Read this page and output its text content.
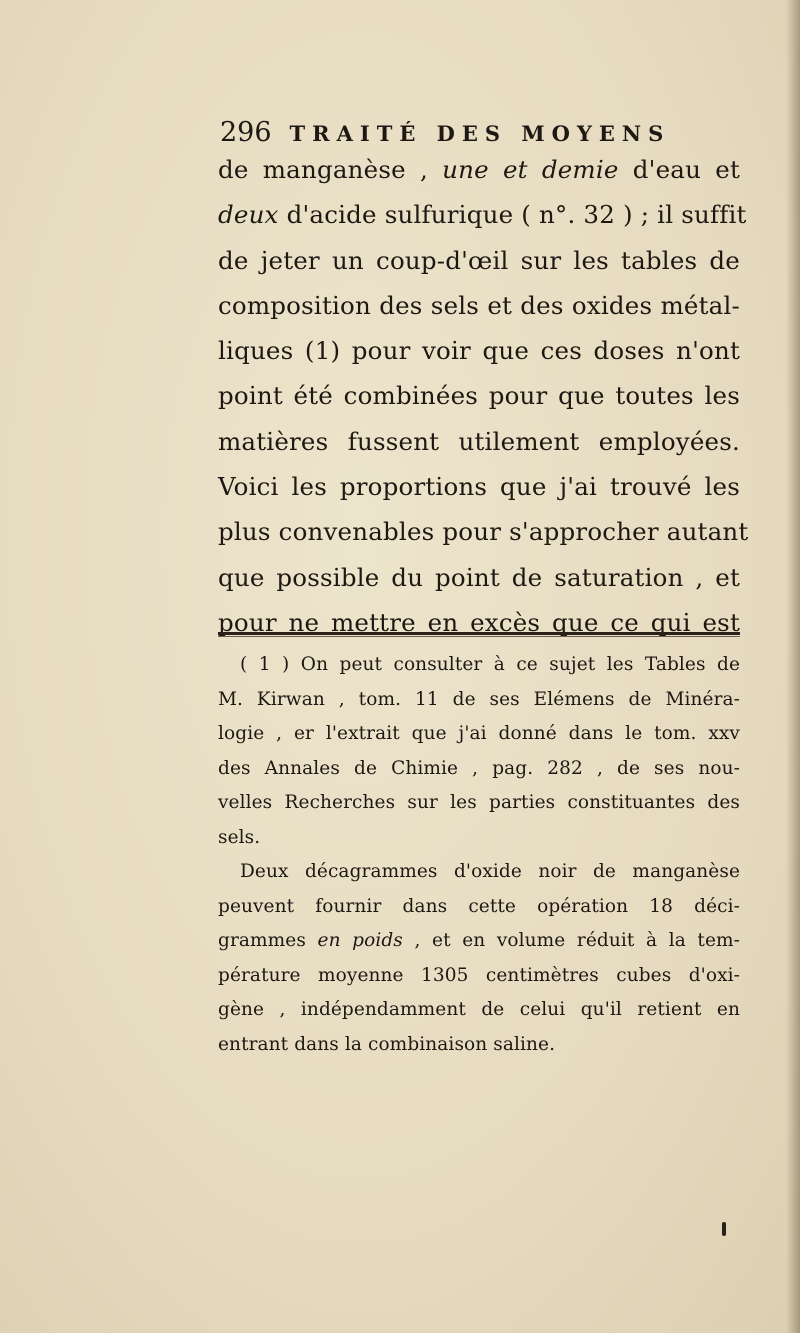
296 TRAITÉ DES MOYENS
de manganèse , une et demie d'eau et
deux d'acide sulfurique ( n°. 32 ) ; il suffit
de jeter un coup-d'œil sur les tables de
composition des sels et des oxides métal-
liques (1) pour voir que ces doses n'ont
point été combinées pour que toutes les
matières fussent utilement employées.
Voici les proportions que j'ai trouvé les
plus convenables pour s'approcher autant
que possible du point de saturation , et
pour ne mettre en excès que ce qui est
( 1 ) On peut consulter à ce sujet les Tables de
M. Kirwan , tom. 11 de ses Elémens de Minéra-
logie , er l'extrait que j'ai donné dans le tom. xxv
des Annales de Chimie , pag. 282 , de ses nou-
velles Recherches sur les parties constituantes des
sels.
Deux décagrammes d'oxide noir de manganèse
peuvent fournir dans cette opération 18 déci-
grammes en poids , et en volume réduit à la tem-
pérature moyenne 1305 centimètres cubes d'oxi-
gène , indépendamment de celui qu'il retient en
entrant dans la combinaison saline.
